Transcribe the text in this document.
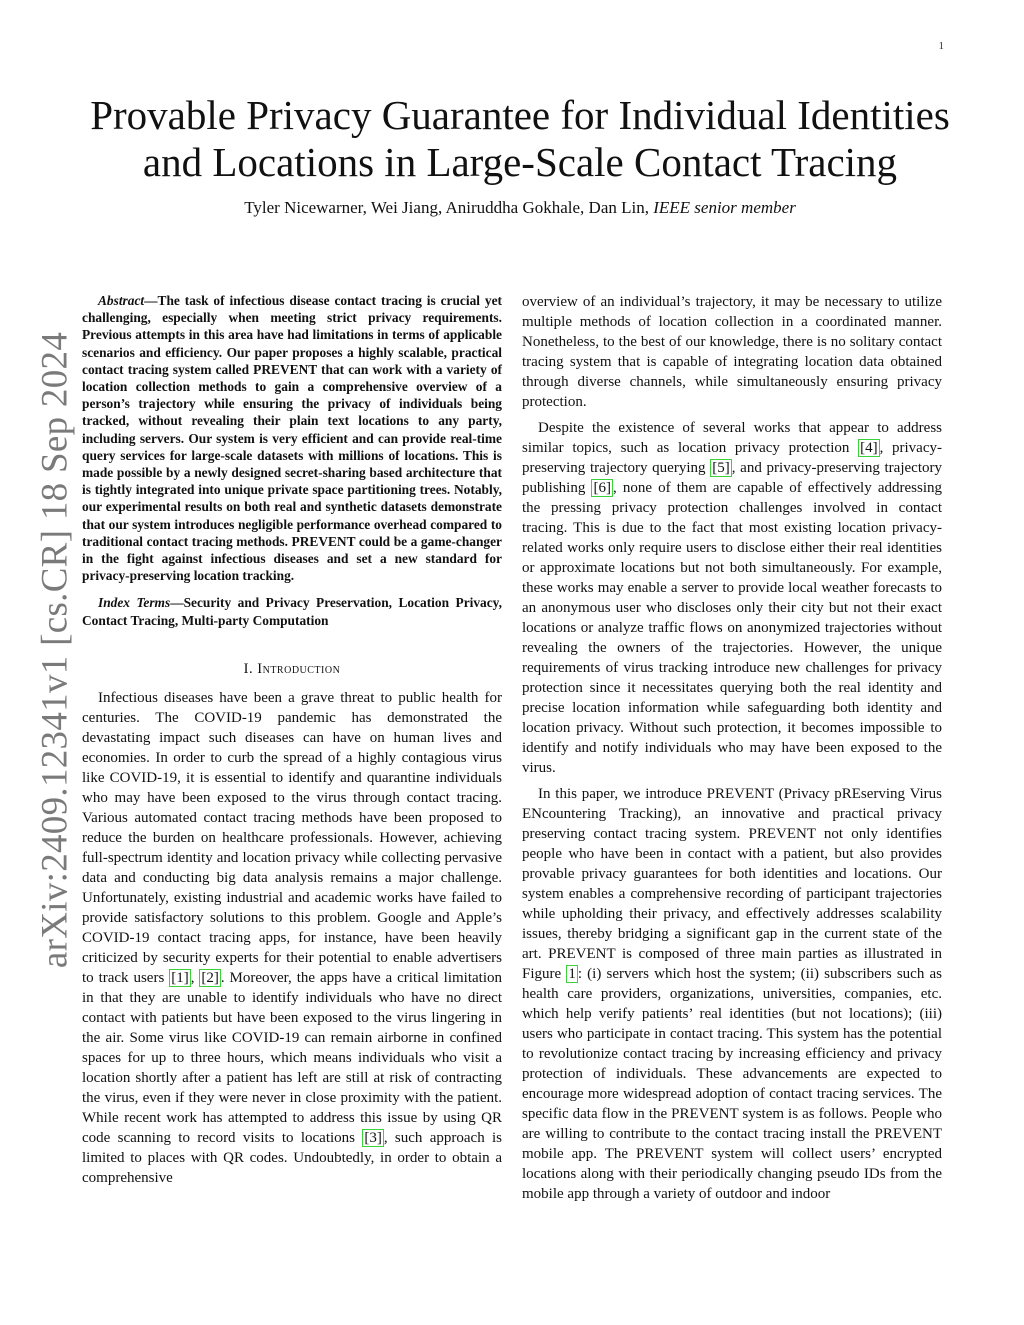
1
arXiv:2409.12341v1 [cs.CR] 18 Sep 2024
Provable Privacy Guarantee for Individual Identities and Locations in Large-Scale Contact Tracing
Tyler Nicewarner, Wei Jiang, Aniruddha Gokhale, Dan Lin, IEEE senior member

Abstract—The task of infectious disease contact tracing is crucial yet challenging, especially when meeting strict privacy requirements. Previous attempts in this area have had limitations in terms of applicable scenarios and efficiency. Our paper proposes a highly scalable, practical contact tracing system called PREVENT that can work with a variety of location collection methods to gain a comprehensive overview of a person’s trajectory while ensuring the privacy of individuals being tracked, without revealing their plain text locations to any party, including servers. Our system is very efficient and can provide real-time query services for large-scale datasets with millions of locations. This is made possible by a newly designed secret-sharing based architecture that is tightly integrated into unique private space partitioning trees. Notably, our experimental results on both real and synthetic datasets demonstrate that our system introduces negligible performance overhead compared to traditional contact tracing methods. PREVENT could be a game-changer in the fight against infectious diseases and set a new standard for privacy-preserving location tracking.

Index Terms—Security and Privacy Preservation, Location Privacy, Contact Tracing, Multi-party Computation

I. Introduction

Infectious diseases have been a grave threat to public health for centuries. The COVID-19 pandemic has demonstrated the devastating impact such diseases can have on human lives and economies. In order to curb the spread of a highly contagious virus like COVID-19, it is essential to identify and quarantine individuals who may have been exposed to the virus through contact tracing. Various automated contact tracing methods have been proposed to reduce the burden on healthcare professionals. However, achieving full-spectrum identity and location privacy while collecting pervasive data and conducting big data analysis remains a major challenge. Unfortunately, existing industrial and academic works have failed to provide satisfactory solutions to this problem. Google and Apple’s COVID-19 contact tracing apps, for instance, have been heavily criticized by security experts for their potential to enable advertisers to track users [1] , [2] . Moreover, the apps have a critical limitation in that they are unable to identify individuals who have no direct contact with patients but have been exposed to the virus lingering in the air. Some virus like COVID-19 can remain airborne in confined spaces for up to three hours, which means individuals who visit a location shortly after a patient has left are still at risk of contracting the virus, even if they were never in close proximity with the patient. While recent work has attempted to address this issue by using QR code scanning to record visits to locations [3] , such approach is limited to places with QR codes. Undoubtedly, in order to obtain a comprehensive

overview of an individual’s trajectory, it may be necessary to utilize multiple methods of location collection in a coordinated manner. Nonetheless, to the best of our knowledge, there is no solitary contact tracing system that is capable of integrating location data obtained through diverse channels, while simultaneously ensuring privacy protection.

Despite the existence of several works that appear to address similar topics, such as location privacy protection [4] , privacy-preserving trajectory querying [5] , and privacy-preserving trajectory publishing [6] , none of them are capable of effectively addressing the pressing privacy protection challenges involved in contact tracing. This is due to the fact that most existing location privacy-related works only require users to disclose either their real identities or approximate locations but not both simultaneously. For example, these works may enable a server to provide local weather forecasts to an anonymous user who discloses only their city but not their exact locations or analyze traffic flows on anonymized trajectories without revealing the owners of the trajectories. However, the unique requirements of virus tracking introduce new challenges for privacy protection since it necessitates querying both the real identity and precise location information while safeguarding both identity and location privacy. Without such protection, it becomes impossible to identify and notify individuals who may have been exposed to the virus.

In this paper, we introduce PREVENT (Privacy pREserving Virus ENcountering Tracking), an innovative and practical privacy preserving contact tracing system. PREVENT not only identifies people who have been in contact with a patient, but also provides provable privacy guarantees for both identities and locations. Our system enables a comprehensive recording of participant trajectories while upholding their privacy, and effectively addresses scalability issues, thereby bridging a significant gap in the current state of the art. PREVENT is composed of three main parties as illustrated in Figure 1 : (i) servers which host the system; (ii) subscribers such as health care providers, organizations, universities, companies, etc. which help verify patients’ real identities (but not locations); (iii) users who participate in contact tracing. This system has the potential to revolutionize contact tracing by increasing efficiency and privacy protection of individuals. These advancements are expected to encourage more widespread adoption of contact tracing services. The specific data flow in the PREVENT system is as follows. People who are willing to contribute to the contact tracing install the PREVENT mobile app. The PREVENT system will collect users’ encrypted locations along with their periodically changing pseudo IDs from the mobile app through a variety of outdoor and indoor
